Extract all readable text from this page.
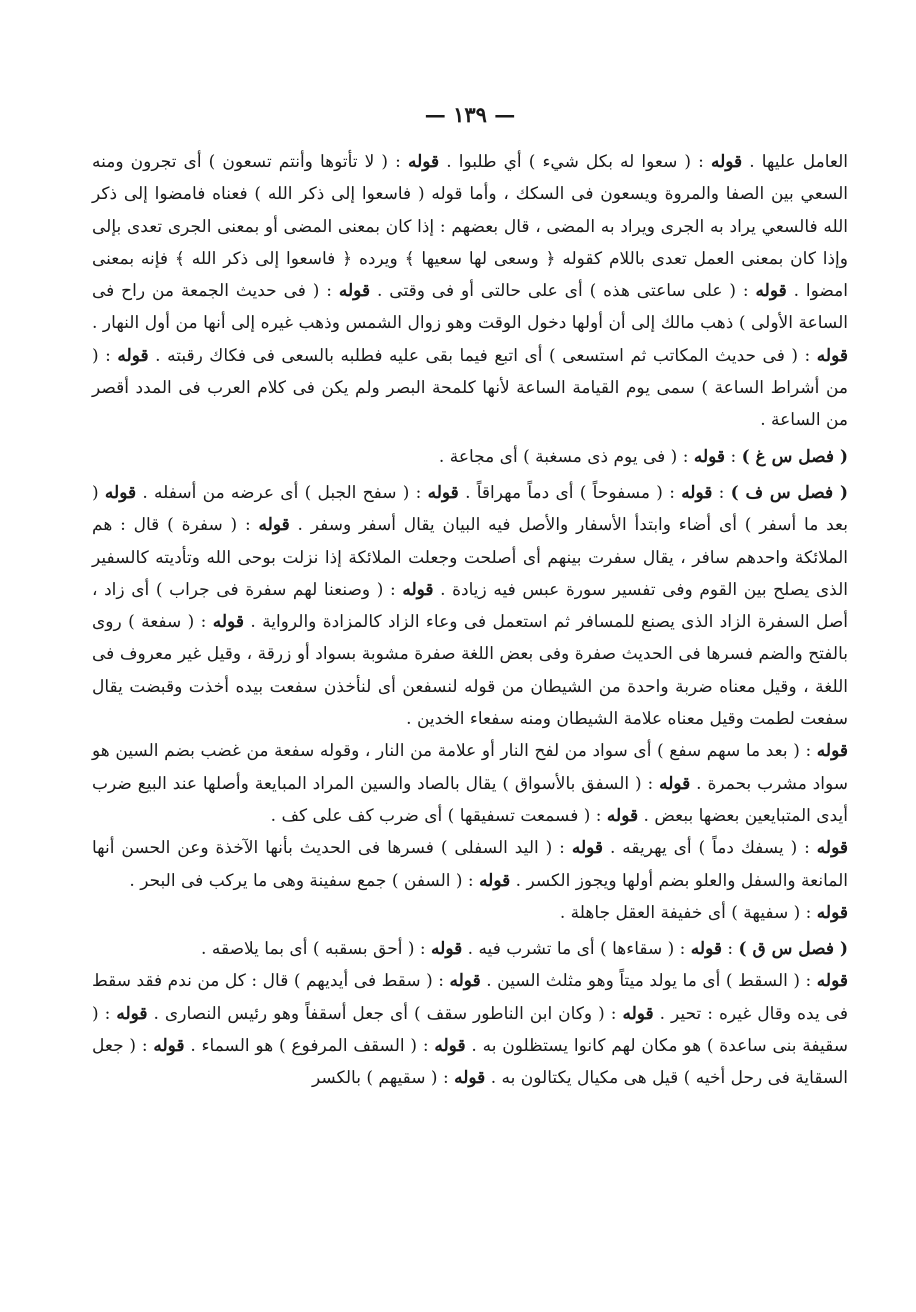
— ١٣٩ —

العامل عليها . قوله : ( سعوا له بكل شيء ) أي طلبوا . قوله : ( لا تأتوها وأنتم تسعون ) أى تجرون ومنه السعي بين الصفا والمروة ويسعون فى السكك ، وأما قوله ( فاسعوا إلى ذكر الله ) فعناه فامضوا إلى ذكر الله فالسعي يراد به الجرى ويراد به المضى ، قال بعضهم : إذا كان بمعنى المضى أو بمعنى الجرى تعدى بإلى وإذا كان بمعنى العمل تعدى باللام كقوله ﴿ وسعى لها سعيها ﴾ ويرده ﴿ فاسعوا إلى ذكر الله ﴾ فإنه بمعنى امضوا . قوله : ( على ساعتى هذه ) أى على حالتى أو فى وقتى . قوله : ( فى حديث الجمعة من راح فى الساعة الأولى ) ذهب مالك إلى أن أولها دخول الوقت وهو زوال الشمس وذهب غيره إلى أنها من أول النهار . قوله : ( فى حديث المكاتب ثم استسعى ) أى اتبع فيما بقى عليه فطلبه بالسعى فى فكاك رقبته . قوله : ( من أشراط الساعة ) سمى يوم القيامة الساعة لأنها كلمحة البصر ولم يكن فى كلام العرب فى المدد أقصر من الساعة .

( فصل س غ ) : قوله : ( فى يوم ذى مسغبة ) أى مجاعة .

( فصل س ف ) : قوله : ( مسفوحاً ) أى دماً مهراقاً . قوله : ( سفح الجبل ) أى عرضه من أسفله . قوله ( بعد ما أسفر ) أى أضاء وابتدأ الأسفار والأصل فيه البيان يقال أسفر وسفر . قوله : ( سفرة ) قال : هم الملائكة واحدهم سافر ، يقال سفرت بينهم أى أصلحت وجعلت الملائكة إذا نزلت بوحى الله وتأديته كالسفير الذى يصلح بين القوم وفى تفسير سورة عبس فيه زيادة . قوله : ( وصنعنا لهم سفرة فى جراب ) أى زاد ، أصل السفرة الزاد الذى يصنع للمسافر ثم استعمل فى وعاء الزاد كالمزادة والرواية . قوله : ( سفعة ) روى بالفتح والضم فسرها فى الحديث صفرة وفى بعض اللغة صفرة مشوبة بسواد أو زرقة ، وقيل غير معروف فى اللغة ، وقيل معناه ضربة واحدة من الشيطان من قوله لنسفعن أى لنأخذن سفعت بيده أخذت وقبضت يقال سفعت لطمت وقيل معناه علامة الشيطان ومنه سفعاء الخدين .

قوله : ( بعد ما سهم سفع ) أى سواد من لفح النار أو علامة من النار ، وقوله سفعة من غضب بضم السين هو سواد مشرب بحمرة . قوله : ( السفق بالأسواق ) يقال بالصاد والسين المراد المبايعة وأصلها عند البيع ضرب أيدى المتبايعين بعضها ببعض . قوله : ( فسمعت تسفيقها ) أى ضرب كف على كف .

قوله : ( يسفك دماً ) أى يهريقه . قوله : ( اليد السفلى ) فسرها فى الحديث بأنها الآخذة وعن الحسن أنها المانعة والسفل والعلو بضم أولها ويجوز الكسر . قوله : ( السفن ) جمع سفينة وهى ما يركب فى البحر .

قوله : ( سفيهة ) أى خفيفة العقل جاهلة .

( فصل س ق ) : قوله : ( سقاءها ) أى ما تشرب فيه . قوله : ( أحق بسقبه ) أى بما يلاصقه .

قوله : ( السقط ) أى ما يولد ميتاً وهو مثلث السين . قوله : ( سقط فى أيديهم ) قال : كل من ندم فقد سقط فى يده وقال غيره : تحير . قوله : ( وكان ابن الناطور سقف ) أى جعل أسقفاً وهو رئيس النصارى . قوله : ( سقيفة بنى ساعدة ) هو مكان لهم كانوا يستظلون به . قوله : ( السقف المرفوع ) هو السماء . قوله : ( جعل السقاية فى رحل أخيه ) قيل هى مكيال يكتالون به . قوله : ( سقيهم ) بالكسر
